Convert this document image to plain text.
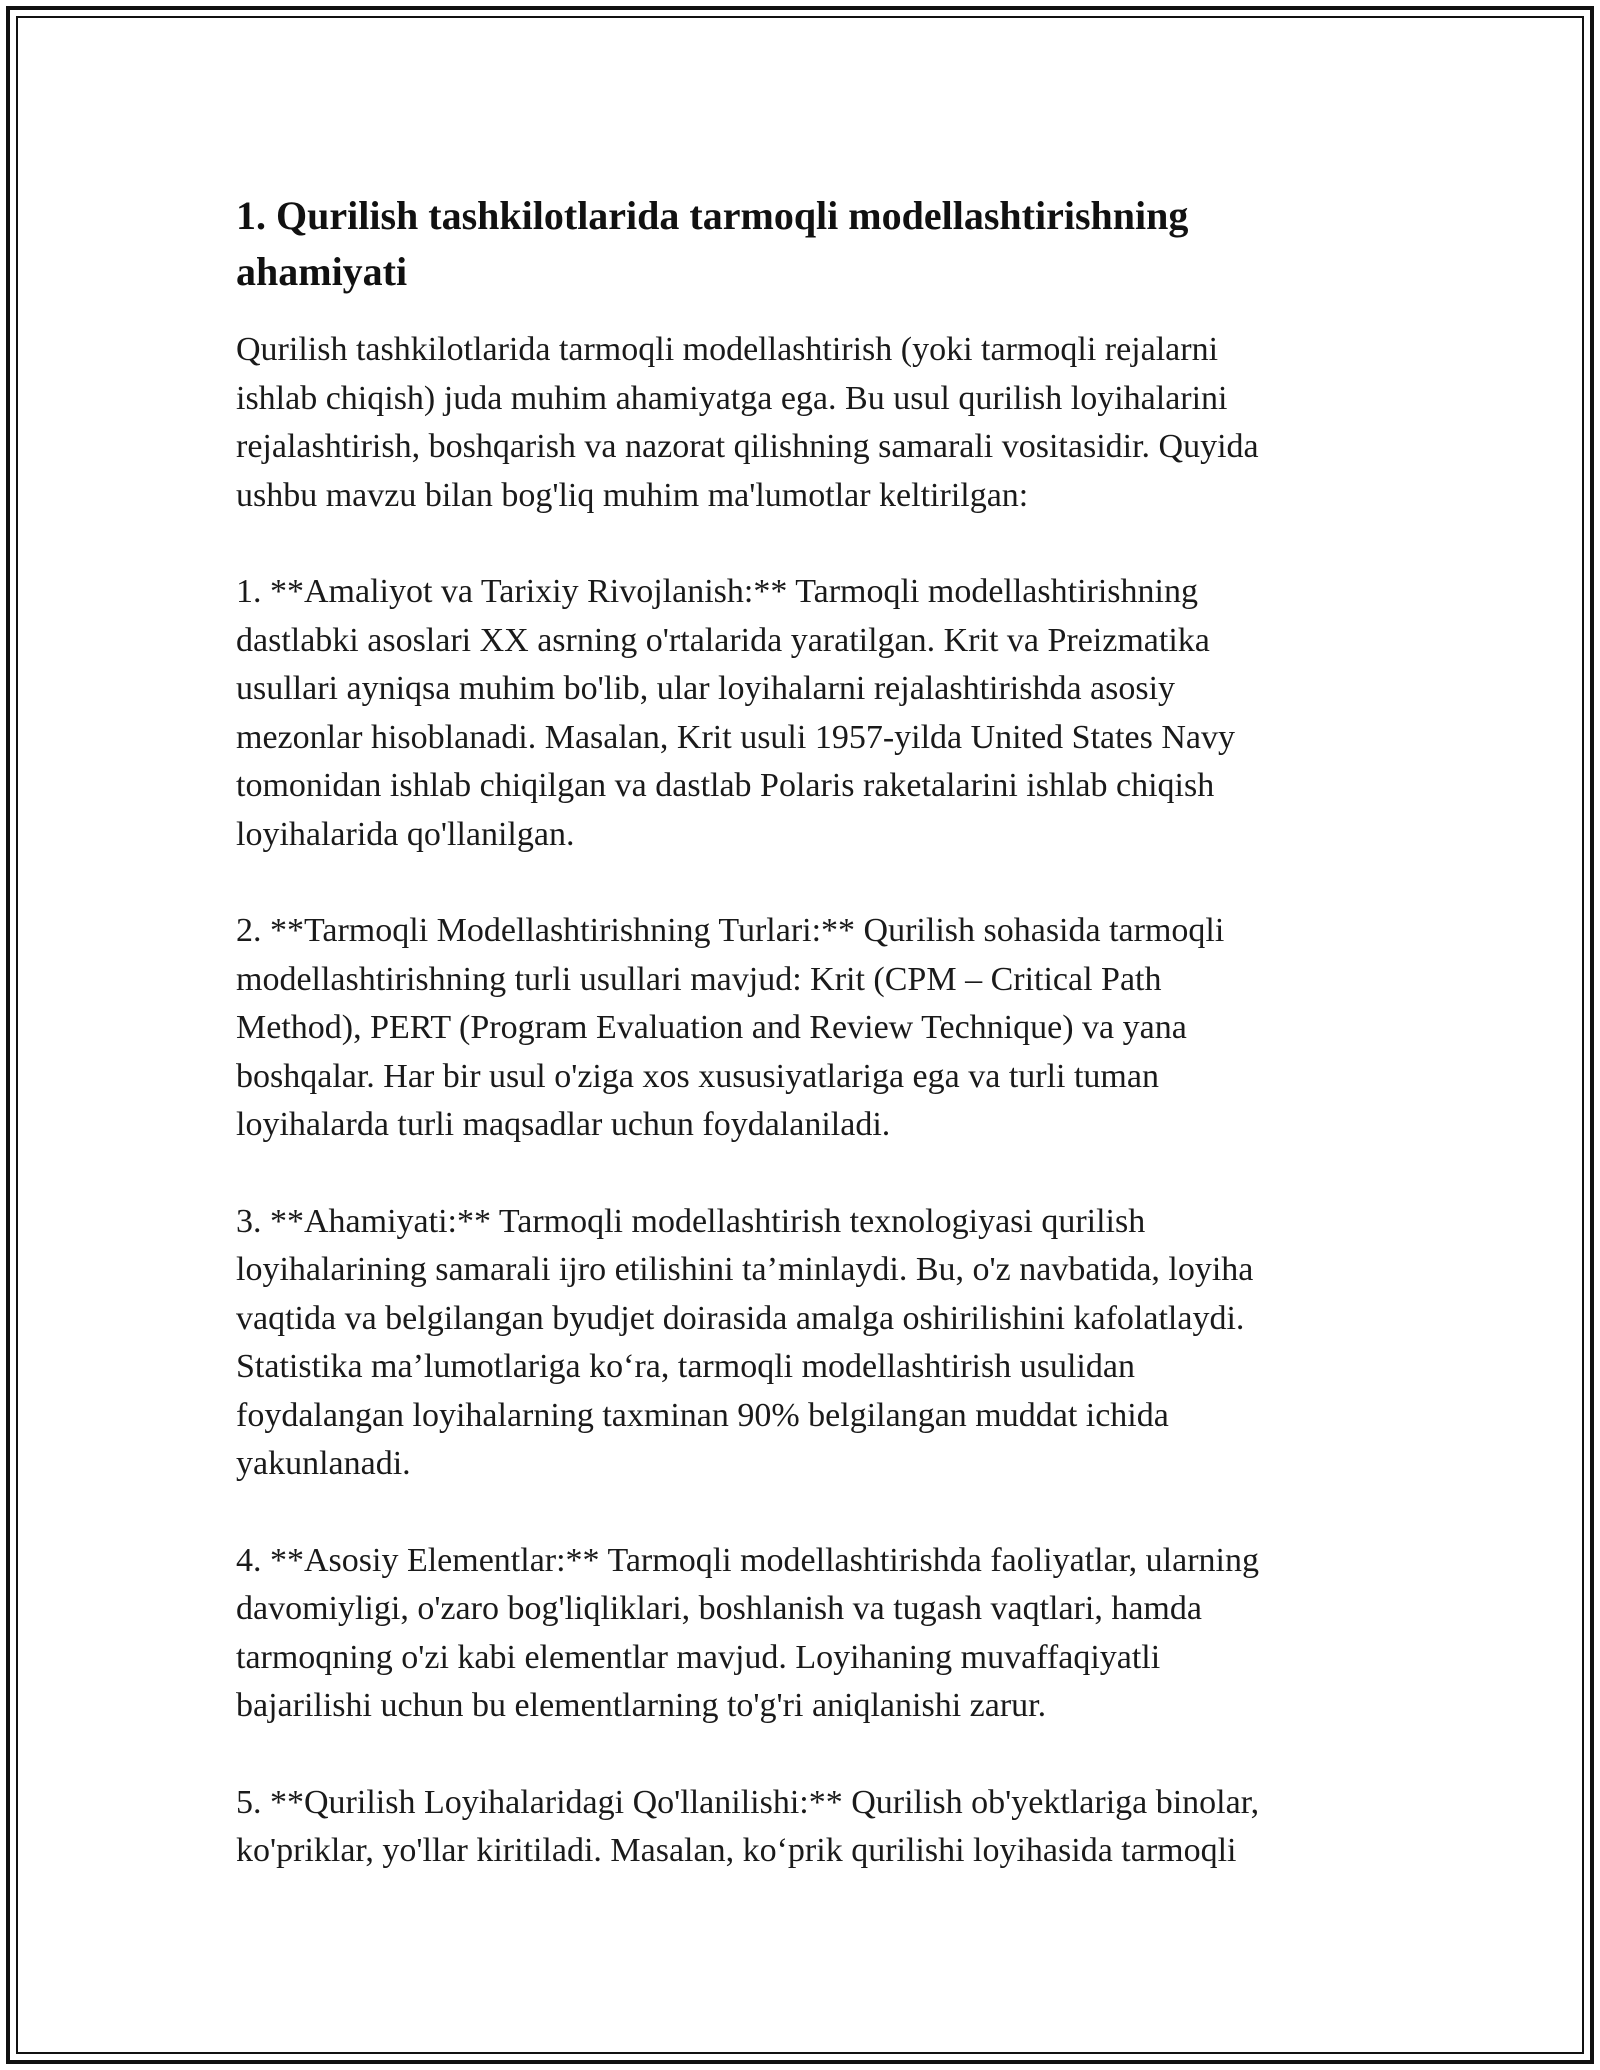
1. Qurilish tashkilotlarida tarmoqli modellashtirishning
ahamiyati

Qurilish tashkilotlarida tarmoqli modellashtirish (yoki tarmoqli rejalarni
ishlab chiqish) juda muhim ahamiyatga ega. Bu usul qurilish loyihalarini
rejalashtirish, boshqarish va nazorat qilishning samarali vositasidir. Quyida
ushbu mavzu bilan bog'liq muhim ma'lumotlar keltirilgan:

1. **Amaliyot va Tarixiy Rivojlanish:** Tarmoqli modellashtirishning
dastlabki asoslari XX asrning o'rtalarida yaratilgan. Krit va Preizmatika
usullari ayniqsa muhim bo'lib, ular loyihalarni rejalashtirishda asosiy
mezonlar hisoblanadi. Masalan, Krit usuli 1957-yilda United States Navy
tomonidan ishlab chiqilgan va dastlab Polaris raketalarini ishlab chiqish
loyihalarida qo'llanilgan.

2. **Tarmoqli Modellashtirishning Turlari:** Qurilish sohasida tarmoqli
modellashtirishning turli usullari mavjud: Krit (CPM – Critical Path
Method), PERT (Program Evaluation and Review Technique) va yana
boshqalar. Har bir usul o'ziga xos xususiyatlariga ega va turli tuman
loyihalarda turli maqsadlar uchun foydalaniladi.

3. **Ahamiyati:** Tarmoqli modellashtirish texnologiyasi qurilish
loyihalarining samarali ijro etilishini ta’minlaydi. Bu, o'z navbatida, loyiha
vaqtida va belgilangan byudjet doirasida amalga oshirilishini kafolatlaydi.
Statistika ma’lumotlariga ko‘ra, tarmoqli modellashtirish usulidan
foydalangan loyihalarning taxminan 90% belgilangan muddat ichida
yakunlanadi.

4. **Asosiy Elementlar:** Tarmoqli modellashtirishda faoliyatlar, ularning
davomiyligi, o'zaro bog'liqliklari, boshlanish va tugash vaqtlari, hamda
tarmoqning o'zi kabi elementlar mavjud. Loyihaning muvaffaqiyatli
bajarilishi uchun bu elementlarning to'g'ri aniqlanishi zarur.

5. **Qurilish Loyihalaridagi Qo'llanilishi:** Qurilish ob'yektlariga binolar,
ko'priklar, yo'llar kiritiladi. Masalan, ko‘prik qurilishi loyihasida tarmoqli
